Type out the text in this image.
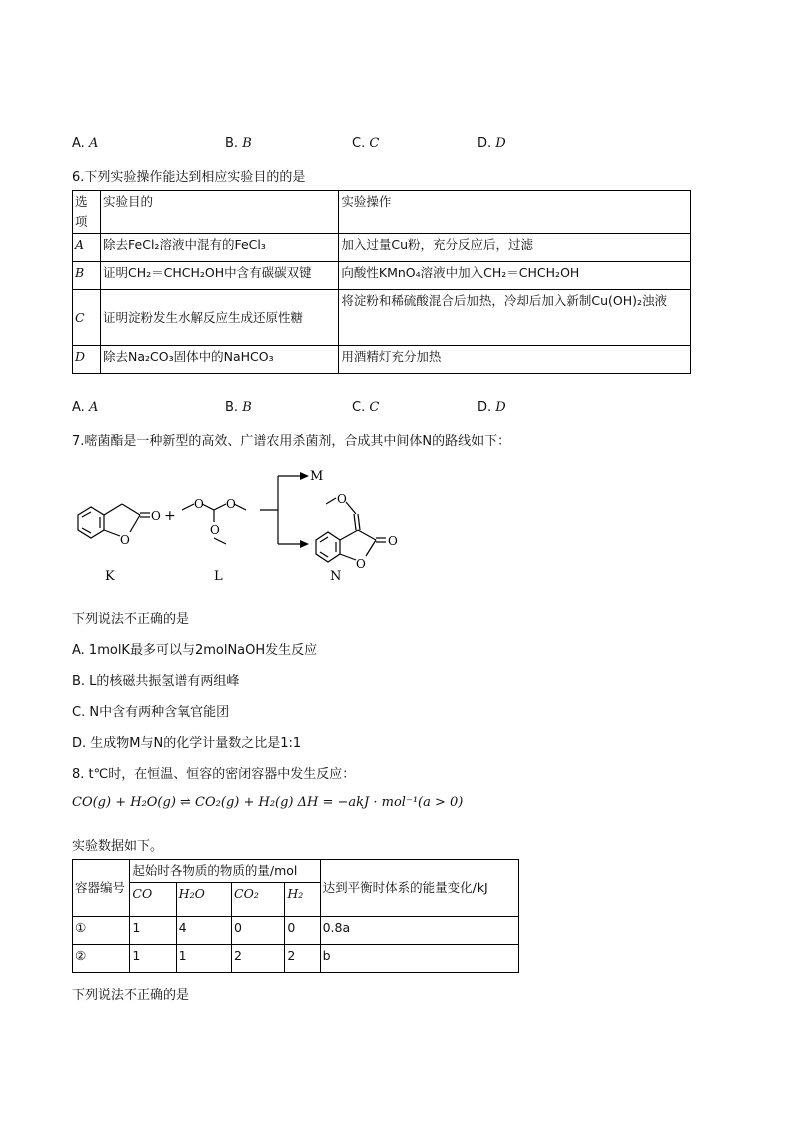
A. A	B. B	C. C	D. D
6.下列实验操作能达到相应实验目的的是
选项	实验目的	实验操作
A	除去FeCl₂溶液中混有的FeCl₃	加入过量Cu粉，充分反应后，过滤
B	证明CH₂＝CHCH₂OH中含有碳碳双键	向酸性KMnO₄溶液中加入CH₂＝CHCH₂OH
C	证明淀粉发生水解反应生成还原性糖	将淀粉和稀硫酸混合后加热，冷却后加入新制Cu(OH)₂浊液
D	除去Na₂CO₃固体中的NaHCO₃	用酒精灯充分加热
A. A	B. B	C. C	D. D
7.嘧菌酯是一种新型的高效、广谱农用杀菌剂，合成其中间体N的路线如下：
O
O
O O
O
O
O
O
+
M
K	L	N
下列说法不正确的是
A. 1molK最多可以与2molNaOH发生反应
B. L的核磁共振氢谱有两组峰
C. N中含有两种含氧官能团
D. 生成物M与N的化学计量数之比是1:1
8. t℃时，在恒温、恒容的密闭容器中发生反应：
CO(g) + H₂O(g) ⇌ CO₂(g) + H₂(g) ΔH = −akJ · mol⁻¹(a > 0)
实验数据如下。
容器编号	起始时各物质的物质的量/mol				达到平衡时体系的能量变化/kJ
	CO	H₂O	CO₂	H₂	
①	1	4	0	0	0.8a
②	1	1	2	2	b
下列说法不正确的是
